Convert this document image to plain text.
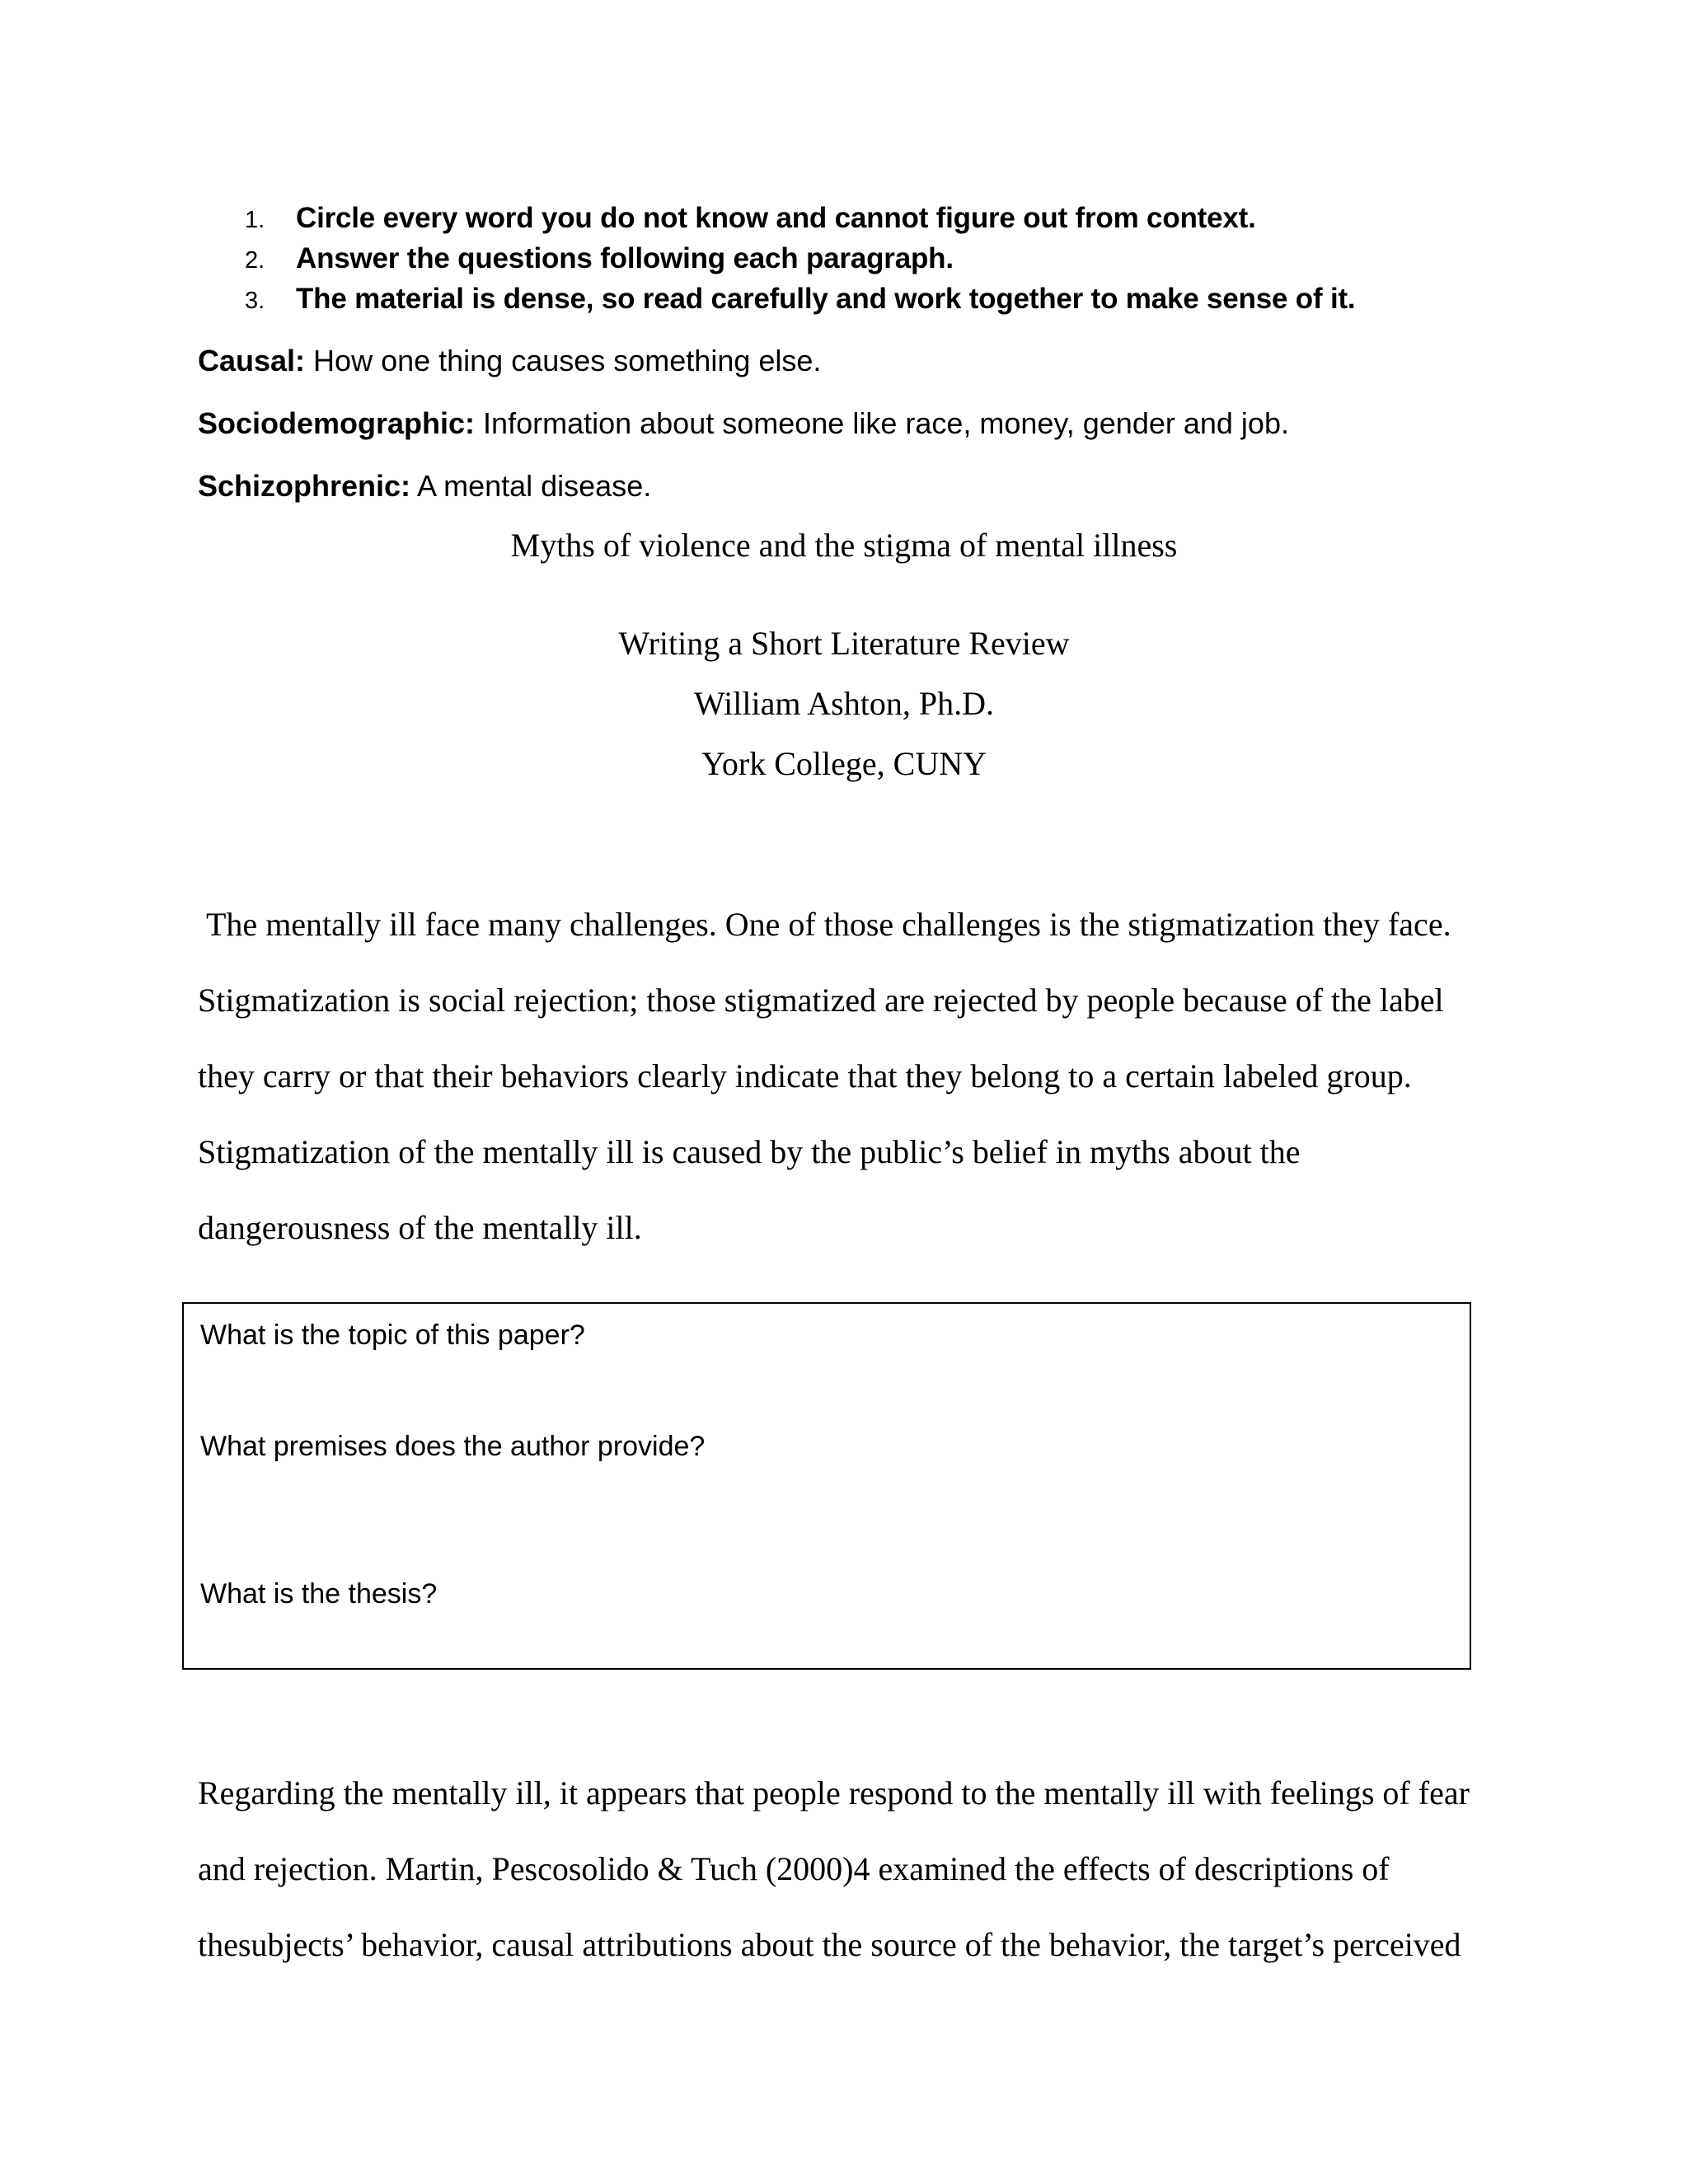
1.	Circle every word you do not know and cannot figure out from context.
2.	Answer the questions following each paragraph.
3.	The material is dense, so read carefully and work together to make sense of it.
Causal: How one thing causes something else.
Sociodemographic: Information about someone like race, money, gender and job.
Schizophrenic: A mental disease.
Myths of violence and the stigma of mental illness
Writing a Short Literature Review
William Ashton, Ph.D.
York College, CUNY

The mentally ill face many challenges. One of those challenges is the stigmatization they face. Stigmatization is social rejection; those stigmatized are rejected by people because of the label they carry or that their behaviors clearly indicate that they belong to a certain labeled group. Stigmatization of the mentally ill is caused by the public’s belief in myths about the dangerousness of the mentally ill.

What is the topic of this paper?
What premises does the author provide?
What is the thesis?

Regarding the mentally ill, it appears that people respond to the mentally ill with feelings of fear and rejection. Martin, Pescosolido & Tuch (2000)4 examined the effects of descriptions of thesubjects’ behavior, causal attributions about the source of the behavior, the target’s perceived
